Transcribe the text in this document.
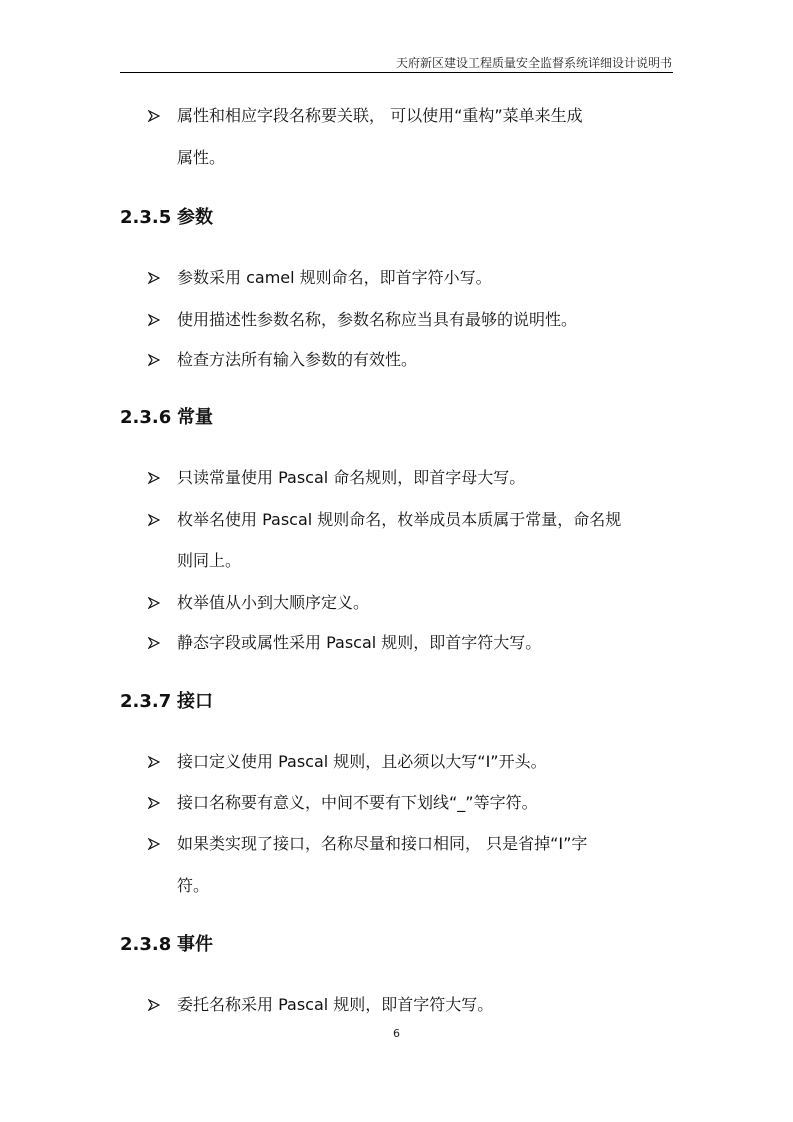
天府新区建设工程质量安全监督系统详细设计说明书
属性和相应字段名称要关联， 可以使用“重构”菜单来生成
属性。
2.3.5 参数
参数采用 camel 规则命名，即首字符小写。
使用描述性参数名称，参数名称应当具有最够的说明性。
检查方法所有输入参数的有效性。
2.3.6 常量
只读常量使用 Pascal 命名规则，即首字母大写。
枚举名使用 Pascal 规则命名，枚举成员本质属于常量，命名规
则同上。
枚举值从小到大顺序定义。
静态字段或属性采用 Pascal 规则，即首字符大写。
2.3.7 接口
接口定义使用 Pascal 规则，且必须以大写“I”开头。
接口名称要有意义，中间不要有下划线“_”等字符。
如果类实现了接口，名称尽量和接口相同， 只是省掉“I”字
符。
2.3.8 事件
委托名称采用 Pascal 规则，即首字符大写。
6
